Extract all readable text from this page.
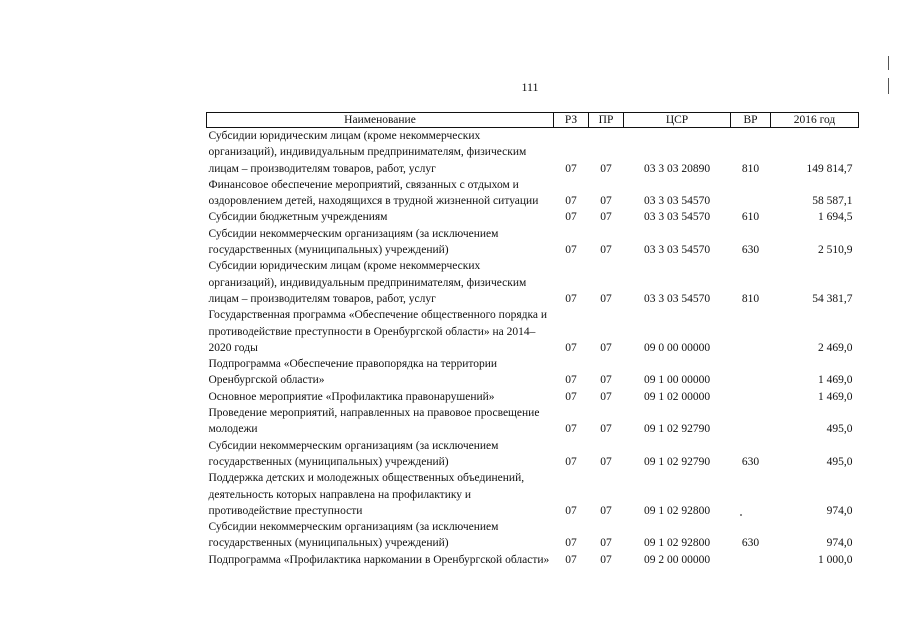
111
Наименование	РЗ	ПР	ЦСР	ВР	2016 год
Субсидии юридическим лицам (кроме некоммерческих организаций), индивидуальным предпринимателям, физическим лицам – производителям товаров, работ, услуг	07	07	03 3 03 20890	810	149 814,7
Финансовое обеспечение мероприятий, связанных с отдыхом и оздоровлением детей, находящихся в трудной жизненной ситуации	07	07	03 3 03 54570		58 587,1
Субсидии бюджетным учреждениям	07	07	03 3 03 54570	610	1 694,5
Субсидии некоммерческим организациям (за исключением государственных (муниципальных) учреждений)	07	07	03 3 03 54570	630	2 510,9
Субсидии юридическим лицам (кроме некоммерческих организаций), индивидуальным предпринимателям, физическим лицам – производителям товаров, работ, услуг	07	07	03 3 03 54570	810	54 381,7
Государственная программа «Обеспечение общественного порядка и противодействие преступности в Оренбургской области» на 2014–2020 годы	07	07	09 0 00 00000		2 469,0
Подпрограмма «Обеспечение правопорядка на территории Оренбургской области»	07	07	09 1 00 00000		1 469,0
Основное мероприятие «Профилактика правонарушений»	07	07	09 1 02 00000		1 469,0
Проведение мероприятий, направленных на правовое просвещение молодежи	07	07	09 1 02 92790		495,0
Субсидии некоммерческим организациям (за исключением государственных (муниципальных) учреждений)	07	07	09 1 02 92790	630	495,0
Поддержка детских и молодежных общественных объединений, деятельность которых направлена на профилактику и противодействие преступности	07	07	09 1 02 92800		974,0
Субсидии некоммерческим организациям (за исключением государственных (муниципальных) учреждений)	07	07	09 1 02 92800	630	974,0
Подпрограмма «Профилактика наркомании в Оренбургской области»	07	07	09 2 00 00000		1 000,0
